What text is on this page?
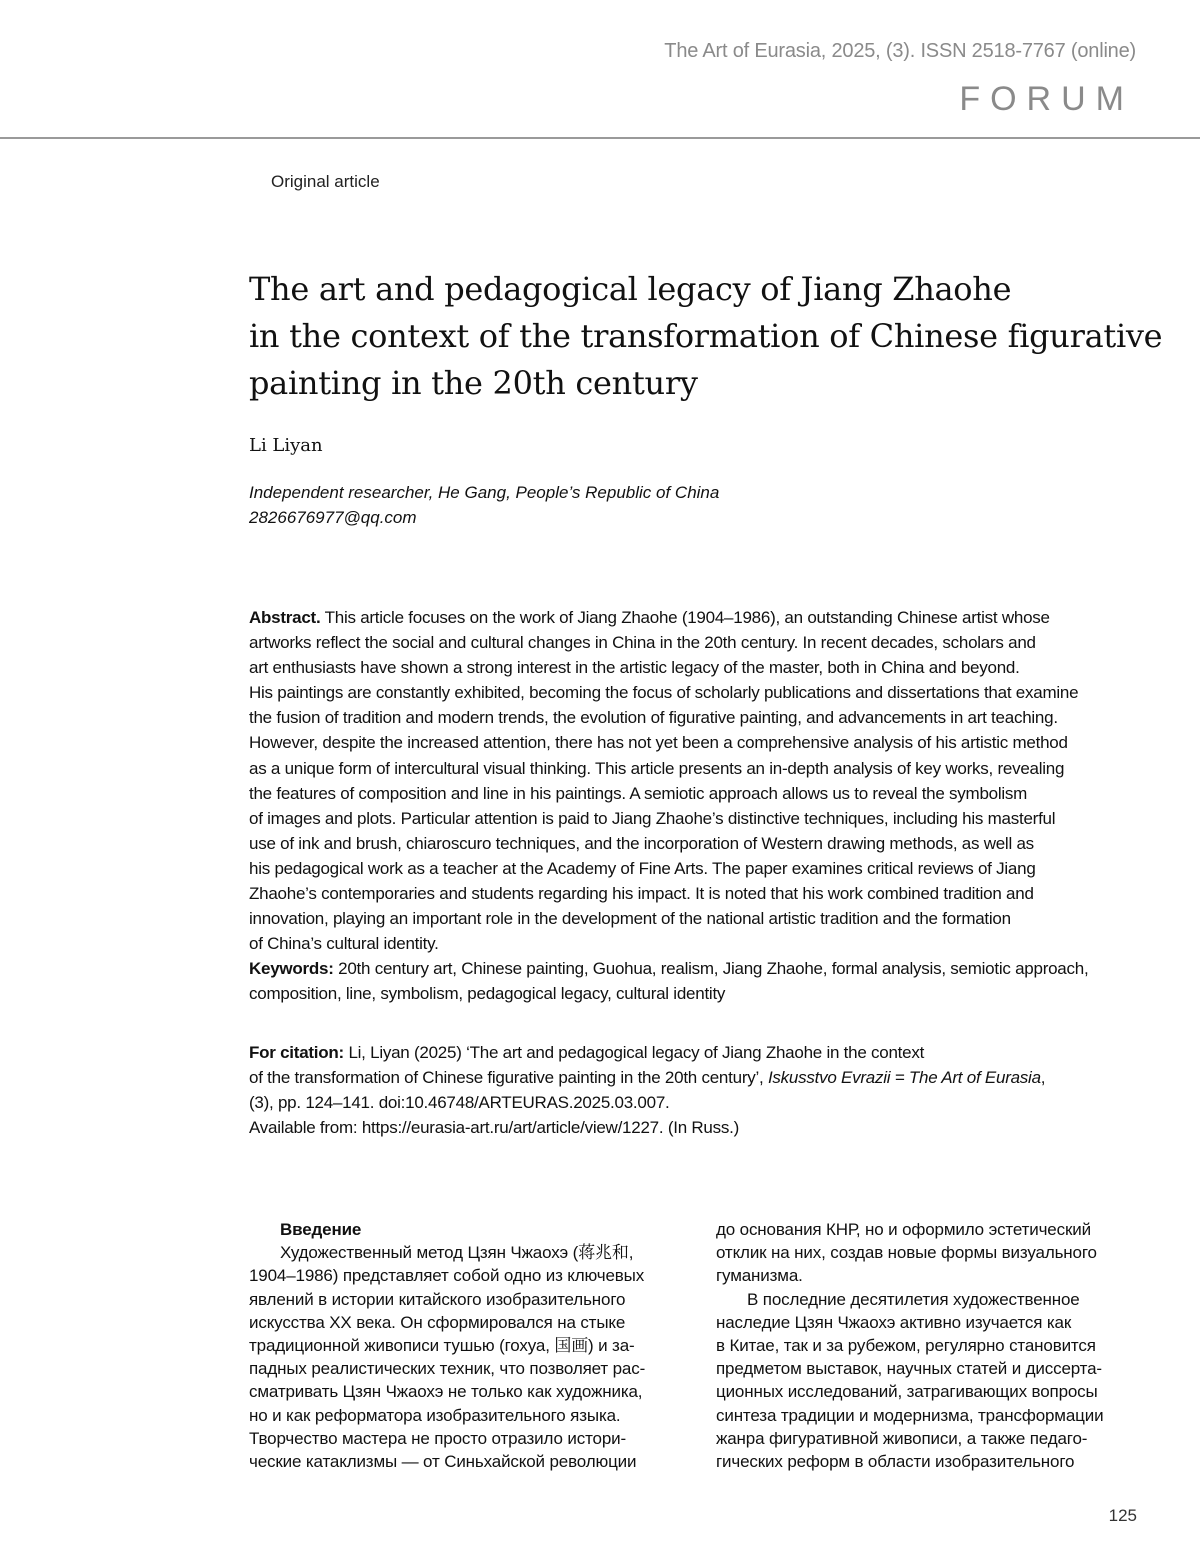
The Art of Eurasia, 2025, (3). ISSN 2518-7767 (online)
FORUM
Original article
The art and pedagogical legacy of Jiang Zhaohe
in the context of the transformation of Chinese figurative
painting in the 20th century
Li Liyan
Independent researcher, He Gang, People’s Republic of China
2826676977@qq.com
Abstract. This article focuses on the work of Jiang Zhaohe (1904–1986), an outstanding Chinese artist whose
artworks reflect the social and cultural changes in China in the 20th century. In recent decades, scholars and
art enthusiasts have shown a strong interest in the artistic legacy of the master, both in China and beyond.
His paintings are constantly exhibited, becoming the focus of scholarly publications and dissertations that examine
the fusion of tradition and modern trends, the evolution of figurative painting, and advancements in art teaching.
However, despite the increased attention, there has not yet been a comprehensive analysis of his artistic method
as a unique form of intercultural visual thinking. This article presents an in-depth analysis of key works, revealing
the features of composition and line in his paintings. A semiotic approach allows us to reveal the symbolism
of images and plots. Particular attention is paid to Jiang Zhaohe’s distinctive techniques, including his masterful
use of ink and brush, chiaroscuro techniques, and the incorporation of Western drawing methods, as well as
his pedagogical work as a teacher at the Academy of Fine Arts. The paper examines critical reviews of Jiang
Zhaohe’s contemporaries and students regarding his impact. It is noted that his work combined tradition and
innovation, playing an important role in the development of the national artistic tradition and the formation
of China’s cultural identity.
Keywords: 20th century art, Chinese painting, Guohua, realism, Jiang Zhaohe, formal analysis, semiotic approach,
composition, line, symbolism, pedagogical legacy, cultural identity
For citation: Li, Liyan (2025) ‘The art and pedagogical legacy of Jiang Zhaohe in the context
of the transformation of Chinese figurative painting in the 20th century’, Iskusstvo Evrazii = The Art of Eurasia,
(3), pp. 124–141. doi:10.46748/ARTEURAS.2025.03.007.
Available from: https://eurasia-art.ru/art/article/view/1227. (In Russ.)
Введение
Художественный метод Цзян Чжаохэ (蒋兆和,
1904–1986) представляет собой одно из ключевых
явлений в истории китайского изобразительного
искусства XX века. Он сформировался на стыке
традиционной живописи тушью (гохуа, 国画) и за-
падных реалистических техник, что позволяет рас-
сматривать Цзян Чжаохэ не только как художника,
но и как реформатора изобразительного языка.
Творчество мастера не просто отразило истори-
ческие катаклизмы — от Синьхайской революции
до основания КНР, но и оформило эстетический
отклик на них, создав новые формы визуального
гуманизма.
В последние десятилетия художественное
наследие Цзян Чжаохэ активно изучается как
в Китае, так и за рубежом, регулярно становится
предметом выставок, научных статей и диссерта-
ционных исследований, затрагивающих вопросы
синтеза традиции и модернизма, трансформации
жанра фигуративной живописи, а также педаго-
гических реформ в области изобразительного
125
